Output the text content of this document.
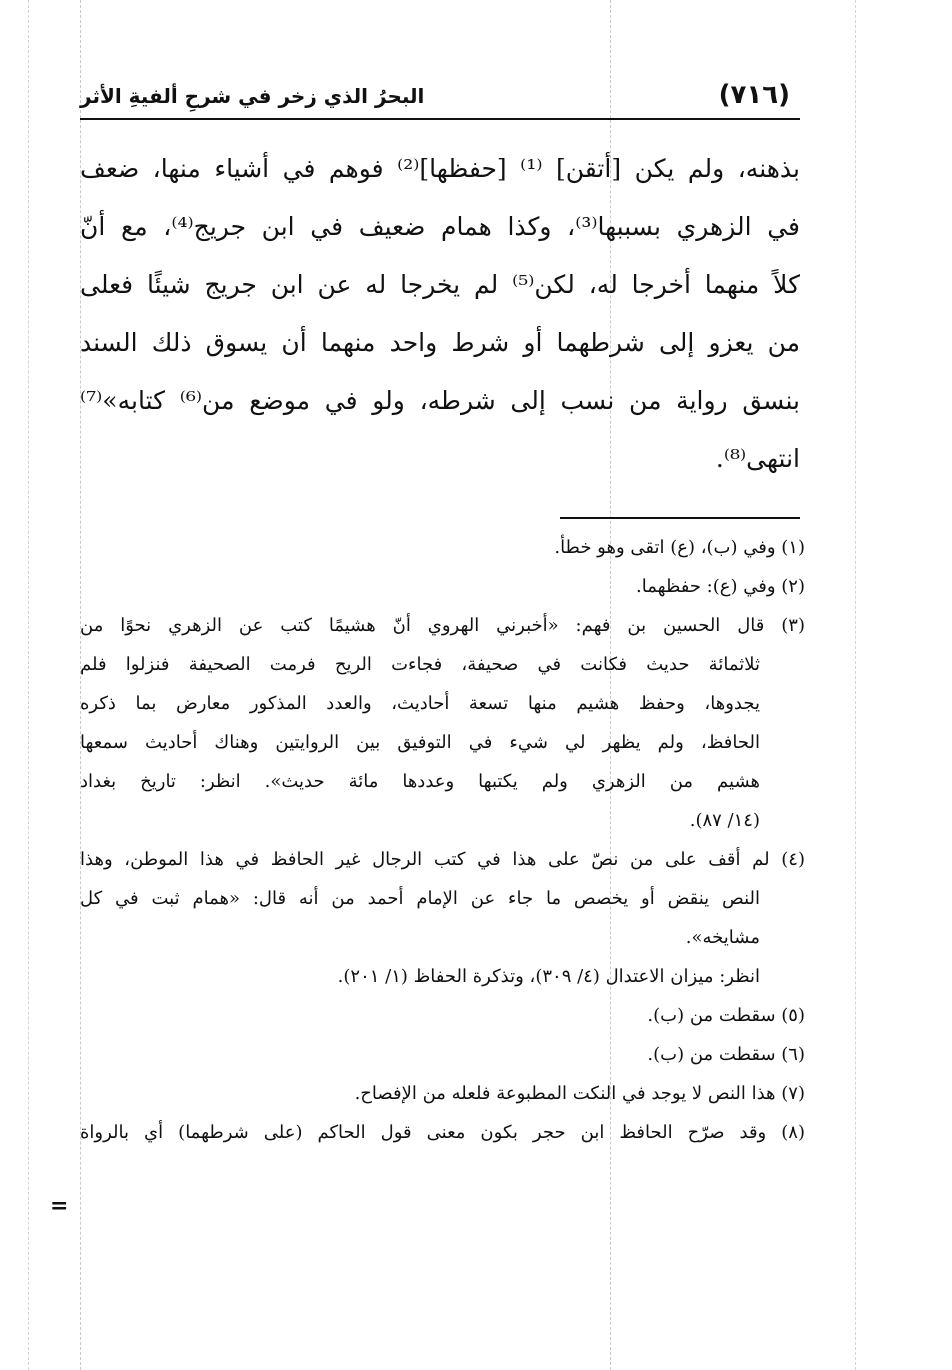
(٧١٦)
البحرُ الذي زخر في شرحِ ألفيةِ الأثر
بذهنه، ولم يكن [أتقن] ⁽¹⁾ [حفظها]⁽²⁾ فوهم في أشياء منها، ضعف
في الزهري بسببها⁽³⁾، وكذا همام ضعيف في ابن جريج⁽⁴⁾، مع أنّ
كلاً منهما أخرجا له، لكن⁽⁵⁾ لم يخرجا له عن ابن جريج شيئًا فعلى
من يعزو إلى شرطهما أو شرط واحد منهما أن يسوق ذلك السند
بنسق رواية من نسب إلى شرطه، ولو في موضع من⁽⁶⁾ كتابه»⁽⁷⁾
انتهى⁽⁸⁾.
(١) وفي (ب)، (ع) اتقى وهو خطأ.
(٢) وفي (ع): حفظهما.
(٣) قال الحسين بن فهم: «أخبرني الهروي أنّ هشيمًا كتب عن الزهري نحوًا من
ثلاثمائة حديث فكانت في صحيفة، فجاءت الريح فرمت الصحيفة فنزلوا فلم
يجدوها، وحفظ هشيم منها تسعة أحاديث، والعدد المذكور معارض بما ذكره
الحافظ، ولم يظهر لي شيء في التوفيق بين الروايتين وهناك أحاديث سمعها
هشيم من الزهري ولم يكتبها وعددها مائة حديث». انظر: تاريخ بغداد
(١٤/ ٨٧).
(٤) لم أقف على من نصّ على هذا في كتب الرجال غير الحافظ في هذا الموطن، وهذا
النص ينقض أو يخصص ما جاء عن الإمام أحمد من أنه قال: «همام ثبت في كل
مشايخه».
انظر: ميزان الاعتدال (٤/ ٣٠٩)، وتذكرة الحفاظ (١/ ٢٠١).
(٥) سقطت من (ب).
(٦) سقطت من (ب).
(٧) هذا النص لا يوجد في النكت المطبوعة فلعله من الإفصاح.
(٨) وقد صرّح الحافظ ابن حجر بكون معنى قول الحاكم (على شرطهما) أي بالرواة
=
